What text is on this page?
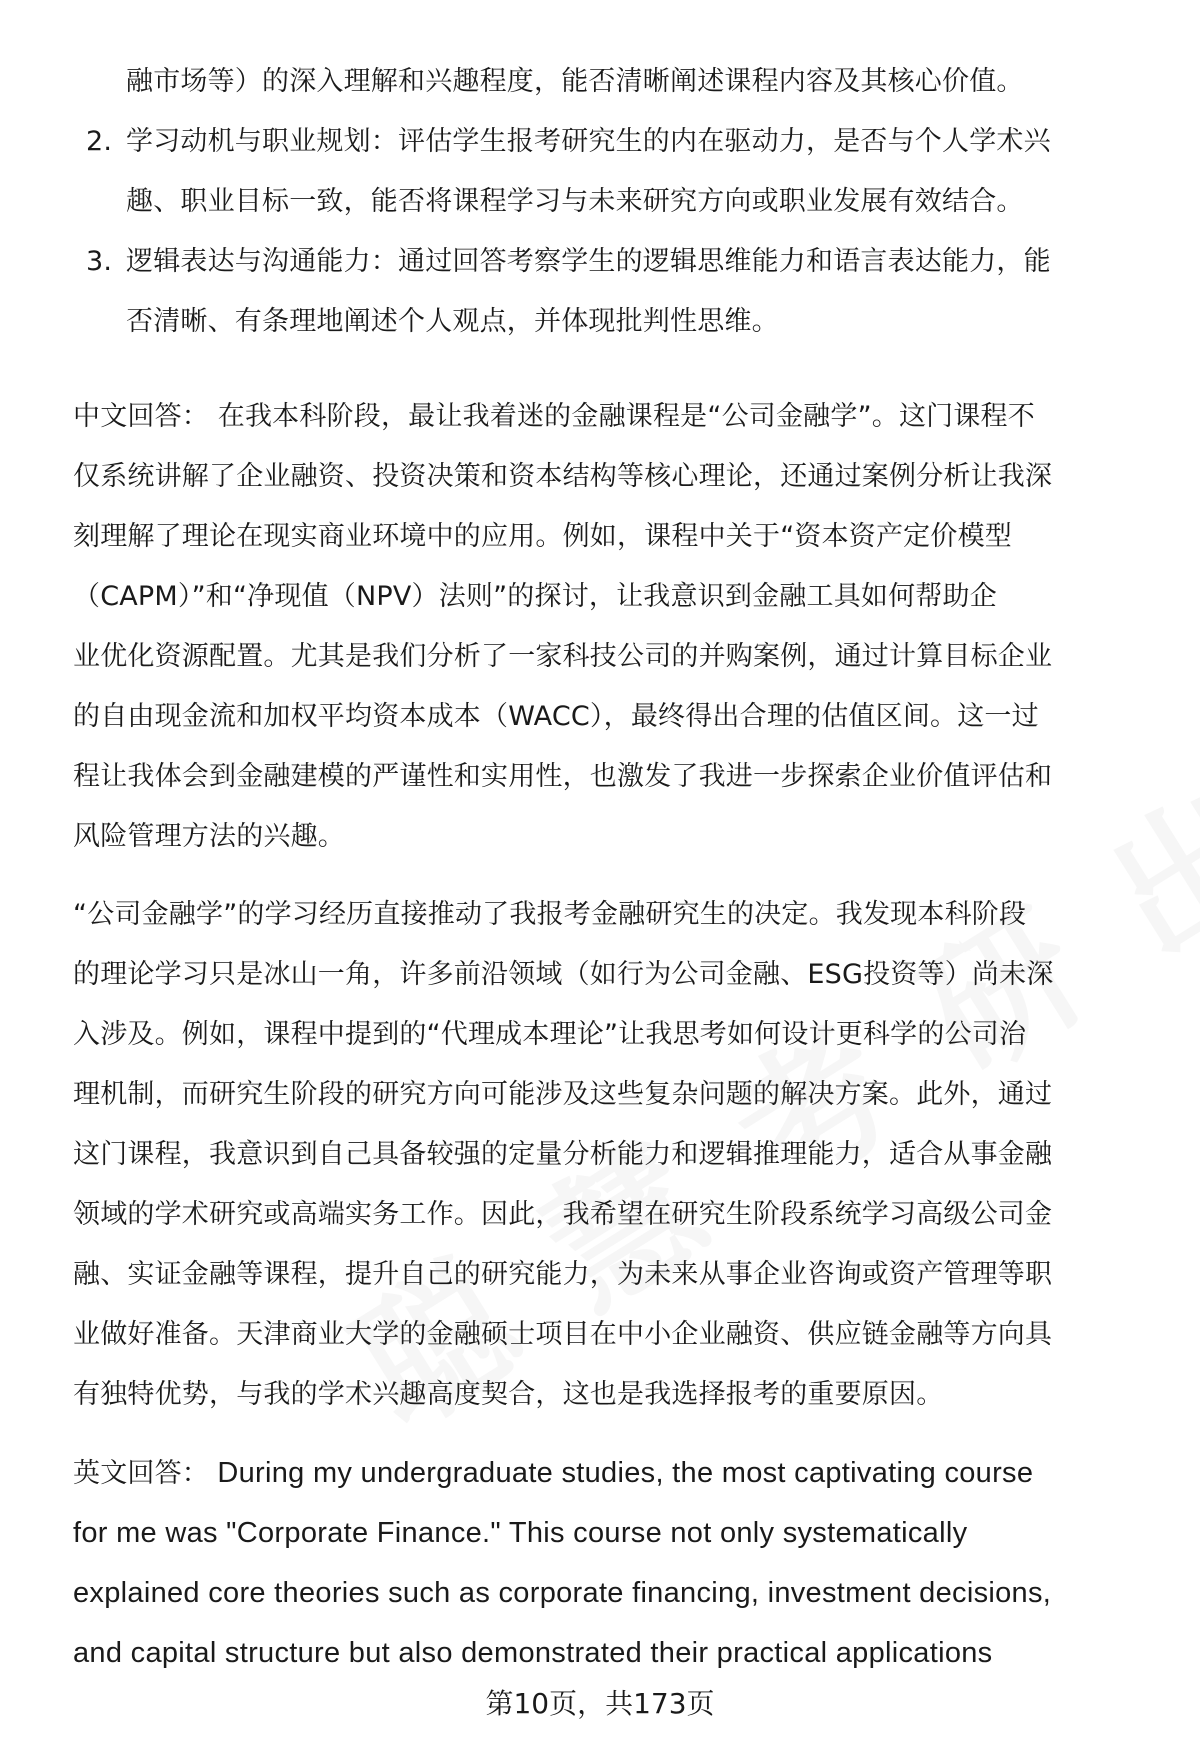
融市场等）的深入理解和兴趣程度，能否清晰阐述课程内容及其核心价值。
2. 学习动机与职业规划：评估学生报考研究生的内在驱动力，是否与个人学术兴
趣、职业目标一致，能否将课程学习与未来研究方向或职业发展有效结合。
3. 逻辑表达与沟通能力：通过回答考察学生的逻辑思维能力和语言表达能力，能
否清晰、有条理地阐述个人观点，并体现批判性思维。
中文回答： 在我本科阶段，最让我着迷的金融课程是“公司金融学”。这门课程不
仅系统讲解了企业融资、投资决策和资本结构等核心理论，还通过案例分析让我深
刻理解了理论在现实商业环境中的应用。例如，课程中关于“资本资产定价模型
（CAPM）”和“净现值（NPV）法则”的探讨，让我意识到金融工具如何帮助企
业优化资源配置。尤其是我们分析了一家科技公司的并购案例，通过计算目标企业
的自由现金流和加权平均资本成本（WACC），最终得出合理的估值区间。这一过
程让我体会到金融建模的严谨性和实用性，也激发了我进一步探索企业价值评估和
风险管理方法的兴趣。
“公司金融学”的学习经历直接推动了我报考金融研究生的决定。我发现本科阶段
的理论学习只是冰山一角，许多前沿领域（如行为公司金融、ESG投资等）尚未深
入涉及。例如，课程中提到的“代理成本理论”让我思考如何设计更科学的公司治
理机制，而研究生阶段的研究方向可能涉及这些复杂问题的解决方案。此外，通过
这门课程，我意识到自己具备较强的定量分析能力和逻辑推理能力，适合从事金融
领域的学术研究或高端实务工作。因此，我希望在研究生阶段系统学习高级公司金
融、实证金融等课程，提升自己的研究能力，为未来从事企业咨询或资产管理等职
业做好准备。天津商业大学的金融硕士项目在中小企业融资、供应链金融等方向具
有独特优势，与我的学术兴趣高度契合，这也是我选择报考的重要原因。
英文回答： During my undergraduate studies, the most captivating course
for me was "Corporate Finance." This course not only systematically
explained core theories such as corporate financing, investment decisions,
and capital structure but also demonstrated their practical applications
第10页，共173页
